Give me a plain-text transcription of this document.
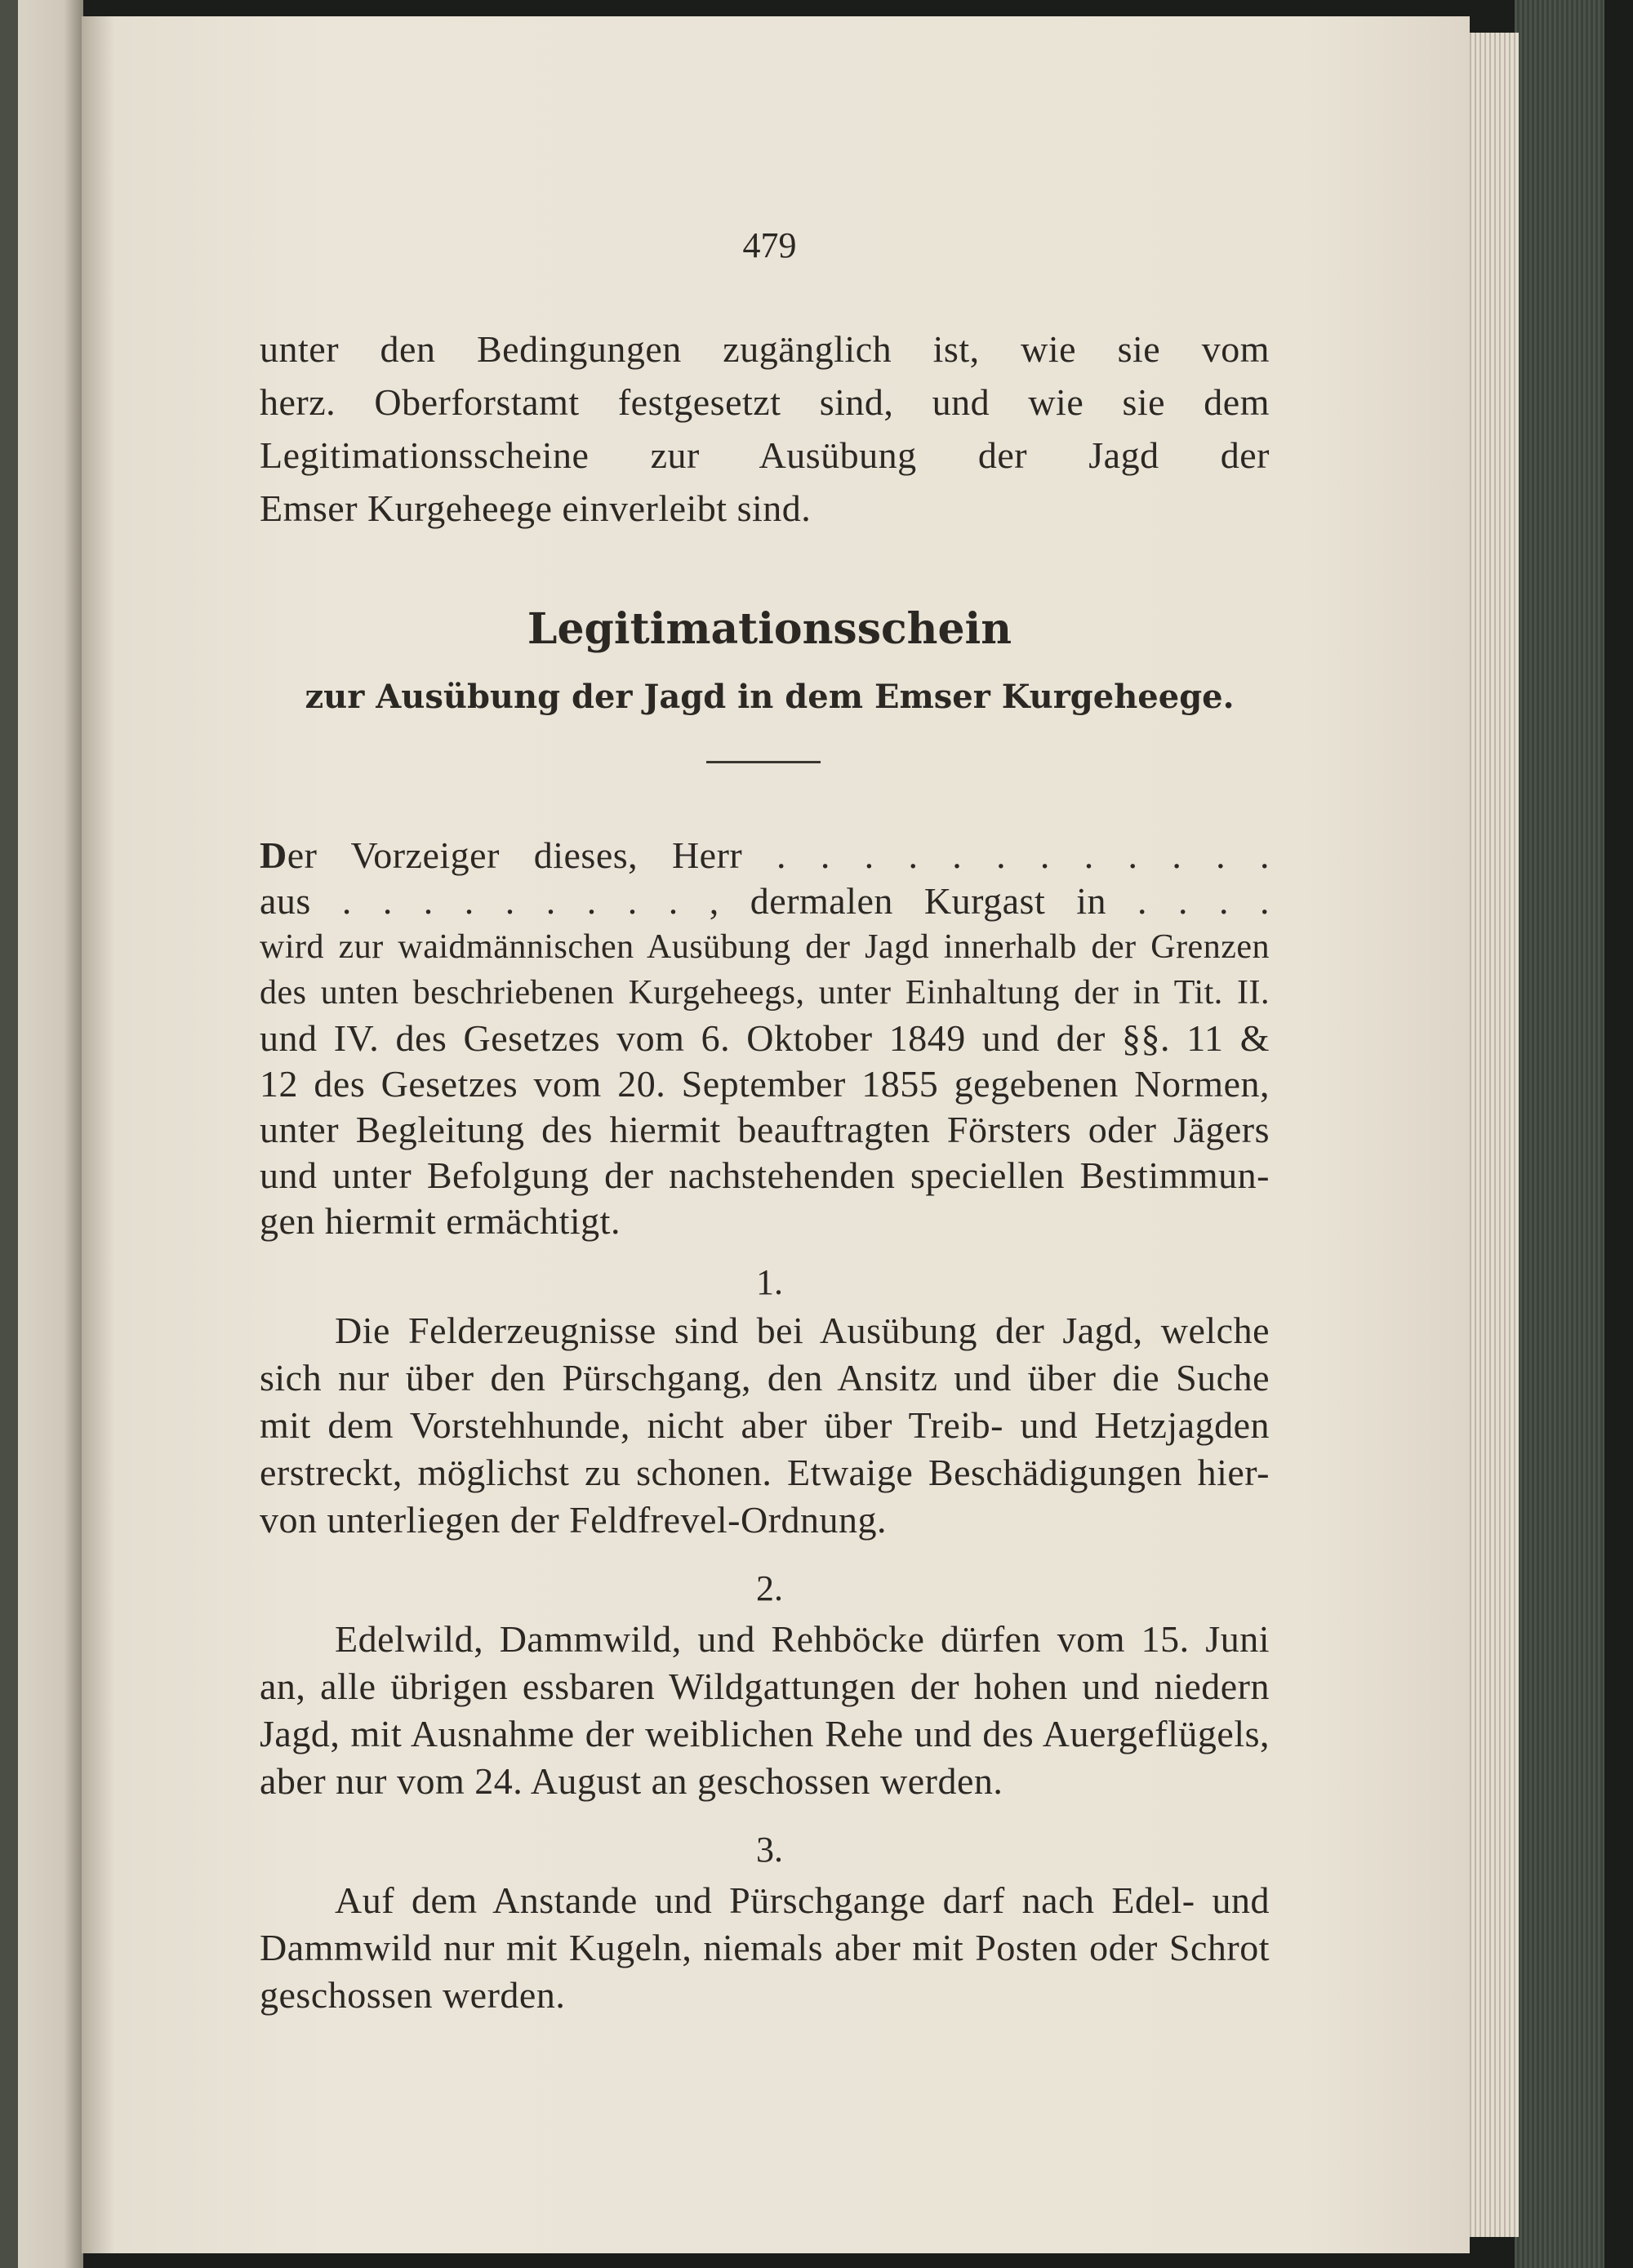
479
unter den Bedingungen zugänglich ist, wie sie vom
herz. Oberforstamt festgesetzt sind, und wie sie dem
Legitimationsscheine zur Ausübung der Jagd der
Emser Kurgeheege einverleibt sind.
Legitimationsschein
zur Ausübung der Jagd in dem Emser Kurgeheege.
Der Vorzeiger dieses, Herr . . . . . . . . . . . .
aus . . . . . . . . . , dermalen Kurgast in . . . .
wird zur waidmännischen Ausübung der Jagd innerhalb der Grenzen
des unten beschriebenen Kurgeheegs, unter Einhaltung der in Tit. II.
und IV. des Gesetzes vom 6. Oktober 1849 und der §§. 11 &
12 des Gesetzes vom 20. September 1855 gegebenen Normen,
unter Begleitung des hiermit beauftragten Försters oder Jägers
und unter Befolgung der nachstehenden speciellen Bestimmun-
gen hiermit ermächtigt.
1.
Die Felderzeugnisse sind bei Ausübung der Jagd, welche
sich nur über den Pürschgang, den Ansitz und über die Suche
mit dem Vorstehhunde, nicht aber über Treib- und Hetzjagden
erstreckt, möglichst zu schonen. Etwaige Beschädigungen hier-
von unterliegen der Feldfrevel-Ordnung.
2.
Edelwild, Dammwild, und Rehböcke dürfen vom 15. Juni
an, alle übrigen essbaren Wildgattungen der hohen und niedern
Jagd, mit Ausnahme der weiblichen Rehe und des Auergeflügels,
aber nur vom 24. August an geschossen werden.
3.
Auf dem Anstande und Pürschgange darf nach Edel- und
Dammwild nur mit Kugeln, niemals aber mit Posten oder Schrot
geschossen werden.
